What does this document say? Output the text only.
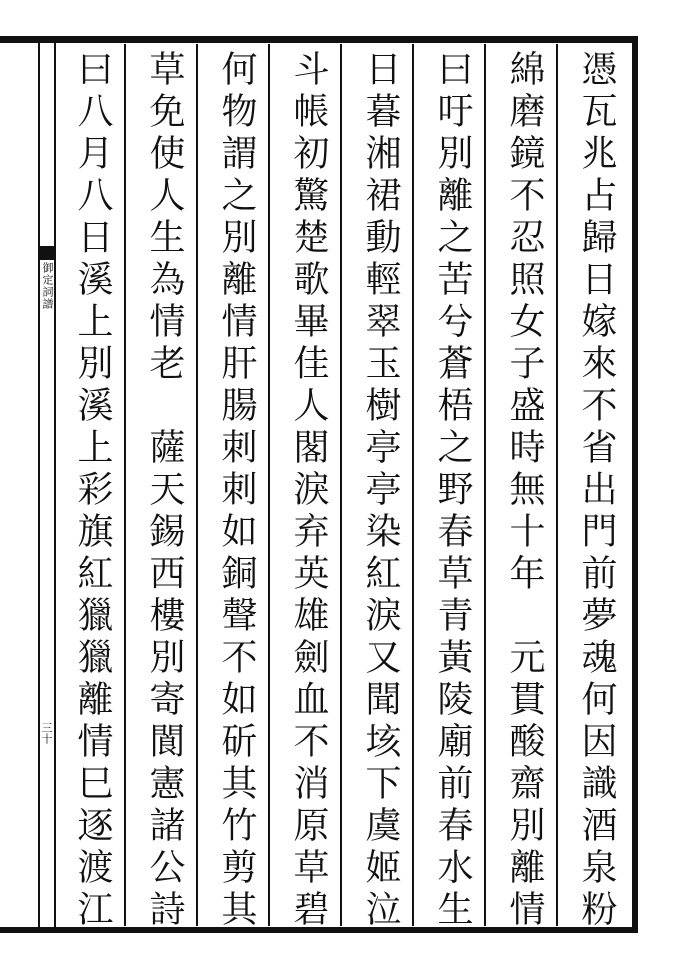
御定詞譜
三十	憑瓦兆占歸日嫁來不省出門前夢魂何因識酒泉粉
綿磨鏡不忍照女子盛時無十年　元貫酸齋別離情
曰吁別離之苦兮蒼梧之野春草青黃陵廟前春水生
日暮湘裙動輕翠玉樹亭亭染紅淚又聞垓下虞姬泣
斗帳初驚楚歌畢佳人閣淚弃英雄劍血不消原草碧
何物謂之別離情肝腸刺刺如銅聲不如斫其竹剪其
草免使人生為情老　薩天錫西樓別寄閬憲諸公詩
曰八月八日溪上別溪上彩旗紅獵獵離情巳逐渡江
